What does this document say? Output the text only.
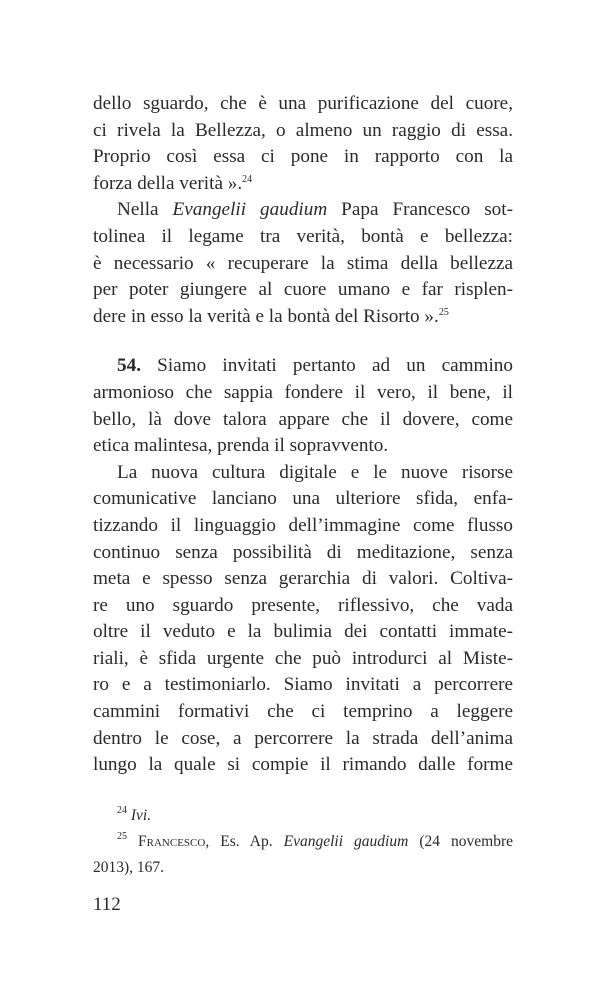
dello sguardo, che è una purificazione del cuore,
ci rivela la Bellezza, o almeno un raggio di essa.
Proprio così essa ci pone in rapporto con la
forza della verità ».$^{24}$
Nella Evangelii gaudium Papa Francesco sot-
tolinea il legame tra verità, bontà e bellezza:
è necessario « recuperare la stima della bellezza
per poter giungere al cuore umano e far risplen-
dere in esso la verità e la bontà del Risorto ».$^{25}$
54. Siamo invitati pertanto ad un cammino
armonioso che sappia fondere il vero, il bene, il
bello, là dove talora appare che il dovere, come
etica malintesa, prenda il sopravvento.
La nuova cultura digitale e le nuove risorse
comunicative lanciano una ulteriore sfida, enfa-
tizzando il linguaggio dell’immagine come flusso
continuo senza possibilità di meditazione, senza
meta e spesso senza gerarchia di valori. Coltiva-
re uno sguardo presente, riflessivo, che vada
oltre il veduto e la bulimia dei contatti immate-
riali, è sfida urgente che può introdurci al Miste-
ro e a testimoniarlo. Siamo invitati a percorrere
cammini formativi che ci temprino a leggere
dentro le cose, a percorrere la strada dell’anima
lungo la quale si compie il rimando dalle forme
$^{24}$ Ivi.
$^{25}$ Francesco, Es. Ap. Evangelii gaudium (24 novembre
2013), 167.
112
